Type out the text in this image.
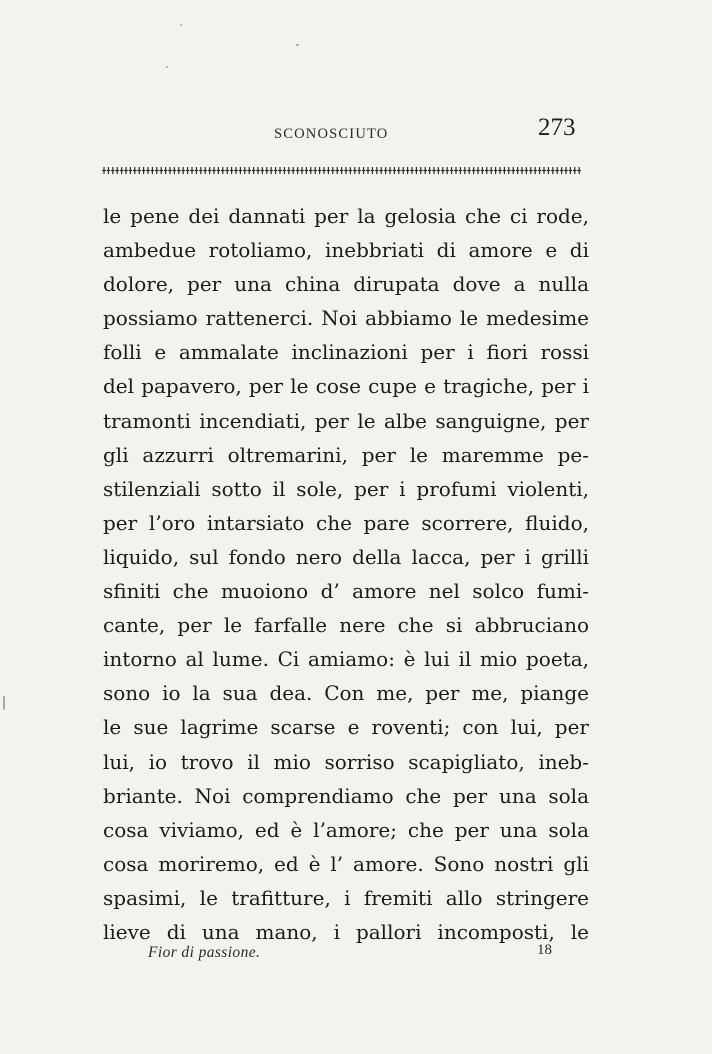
SCONOSCIUTO	273
le pene dei dannati per la gelosia che ci rode,
ambedue rotoliamo, inebbriati di amore e di
dolore, per una china dirupata dove a nulla
possiamo rattenerci. Noi abbiamo le medesime
folli e ammalate inclinazioni per i fiori rossi
del papavero, per le cose cupe e tragiche, per i
tramonti incendiati, per le albe sanguigne, per
gli azzurri oltremarini, per le maremme pe-
stilenziali sotto il sole, per i profumi violenti,
per l’oro intarsiato che pare scorrere, fluido,
liquido, sul fondo nero della lacca, per i grilli
sfiniti che muoiono d’ amore nel solco fumi-
cante, per le farfalle nere che si abbruciano
intorno al lume. Ci amiamo: è lui il mio poeta,
sono io la sua dea. Con me, per me, piange
le sue lagrime scarse e roventi; con lui, per
lui, io trovo il mio sorriso scapigliato, ineb-
briante. Noi comprendiamo che per una sola
cosa viviamo, ed è l’amore; che per una sola
cosa moriremo, ed è l’ amore. Sono nostri gli
spasimi, le trafitture, i fremiti allo stringere
lieve di una mano, i pallori incomposti, le
Fior di passione.	18
